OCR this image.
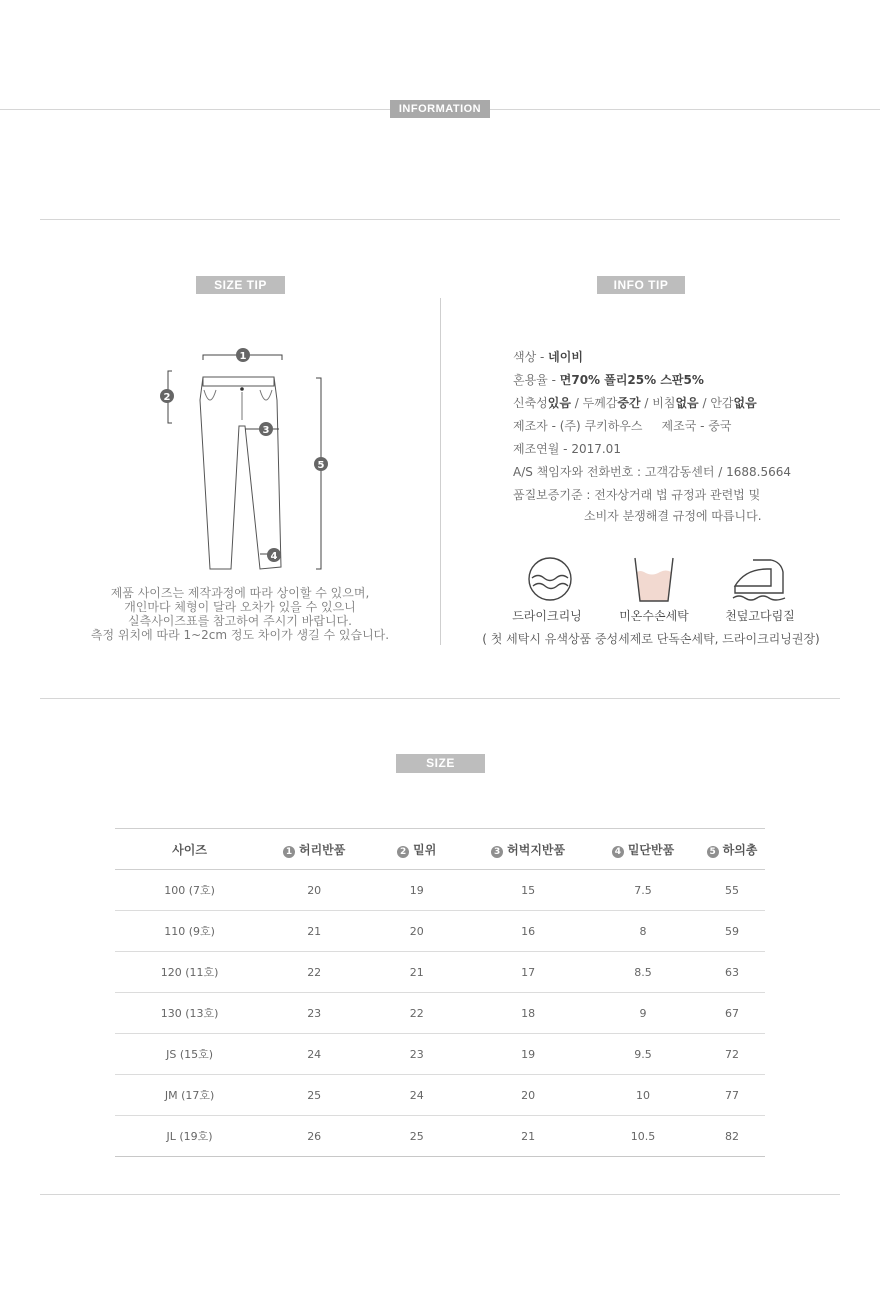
INFORMATION
SIZE TIP
1
2
3
4
5
제품 사이즈는 제작과정에 따라 상이할 수 있으며,
개인마다 체형이 달라 오차가 있을 수 있으니
실측사이즈표를 참고하여 주시기 바랍니다.
측정 위치에 따라 1~2cm 정도 차이가 생길 수 있습니다.
INFO TIP
색상 - 네이비
혼용율 - 면70% 폴리25% 스판5%
신축성있음 / 두께감중간 / 비침없음 / 안감없음
제조자 - (주) 쿠키하우스     제조국 - 중국
제조연월 - 2017.01
A/S 책임자와 전화번호 : 고객감동센터 / 1688.5664
품질보증기준 : 전자상거래 법 규정과 관련법 및
소비자 분쟁해결 규정에 따릅니다.
드라이크리닝	미온수손세탁	천덮고다림질
( 첫 세탁시 유색상품 중성세제로 단독손세탁, 드라이크리닝권장)
SIZE
사이즈	1 허리반품	2 밑위	3 허벅지반품	4 밑단반품	5 하의총
100 (7호)	20	19	15	7.5	55
110 (9호)	21	20	16	8	59
120 (11호)	22	21	17	8.5	63
130 (13호)	23	22	18	9	67
JS (15호)	24	23	19	9.5	72
JM (17호)	25	24	20	10	77
JL (19호)	26	25	21	10.5	82
